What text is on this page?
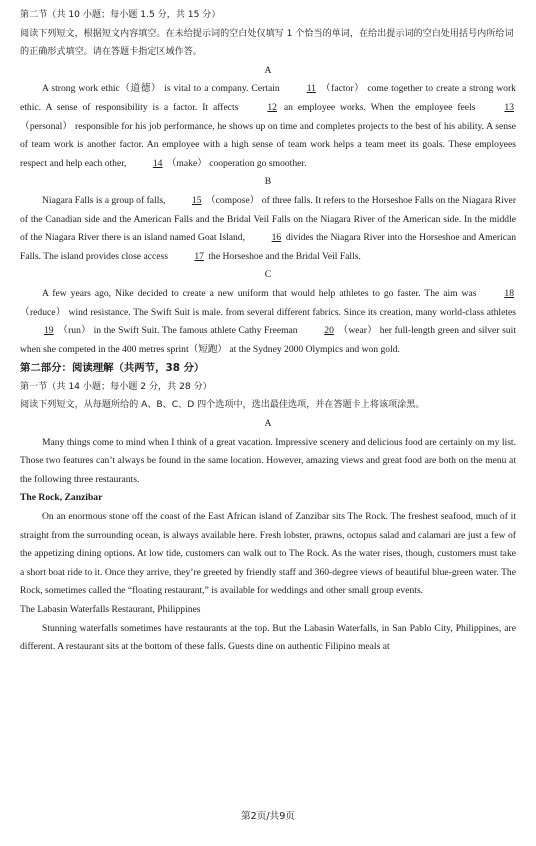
第二节（共 10 小题；每小题 1.5 分，共 15 分）

阅读下列短文，根据短文内容填空。在未给提示词的空白处仅填写 1 个恰当的单词，在给出提示词的空白处用括号内所给词的正确形式填空。请在答题卡指定区域作答。

A

A strong work ethic（道德） is vital to a company. Certain	11 （factor） come together to create a strong work ethic. A sense of responsibility is a factor. It affects	12 an employee works. When the employee feels	13 （personal） responsible for his job performance, he shows up on time and completes projects to the best of his ability. A sense of team work is another factor. An employee with a high sense of team work helps a team meet its goals. These employees respect and help each other,	14 （make） cooperation go smoother.

B

Niagara Falls is a group of falls,	15 （compose） of three falls. It refers to the Horseshoe Falls on the Niagara River of the Canadian side and the American Falls and the Bridal Veil Falls on the Niagara River of the American side. In the middle of the Niagara River there is an island named Goat Island,	16 divides the Niagara River into the Horseshoe and American Falls. The island provides close access	17 the Horseshoe and the Bridal Veil Falls.

C

A few years ago, Nike decided to create a new uniform that would help athletes to go faster. The aim was	18 （reduce） wind resistance. The Swift Suit is male. from several different fabrics. Since its creation, many world-class athletes 19 （run） in the Swift Suit. The famous athlete Cathy Freeman	20 （wear） her full-length green and silver suit when she competed in the 400 metres sprint（短跑） at the Sydney 2000 Olympics and won gold.

第二部分：阅读理解（共两节，38 分）

第一节（共 14 小题；每小题 2 分，共 28 分）

阅读下列短文，从每题所给的 A、B、C、D 四个选项中，选出最佳选项，并在答题卡上将该项涂黑。

A

Many things come to mind when I think of a great vacation. Impressive scenery and delicious food are certainly on my list. Those two features can’t always be found in the same location. However, amazing views and great food are both on the menu at the following three restaurants.

The Rock, Zanzibar

On an enormous stone off the coast of the East African island of Zanzibar sits The Rock. The freshest seafood, much of it straight from the surrounding ocean, is always available here. Fresh lobster, prawns, octopus salad and calamari are just a few of the appetizing dining options. At low tide, customers can walk out to The Rock. As the water rises, though, customers must take a short boat ride to it. Once they arrive, they’re greeted by friendly staff and 360-degree views of beautiful blue-green water. The Rock, sometimes called the “floating restaurant,” is available for weddings and other small group events.

The Labasin Waterfalls Restaurant, Philippines

Stunning waterfalls sometimes have restaurants at the top. But the Labasin Waterfalls, in San Pablo City, Philippines, are different. A restaurant sits at the bottom of these falls. Guests dine on authentic Filipino meals at

第2页/共9页
